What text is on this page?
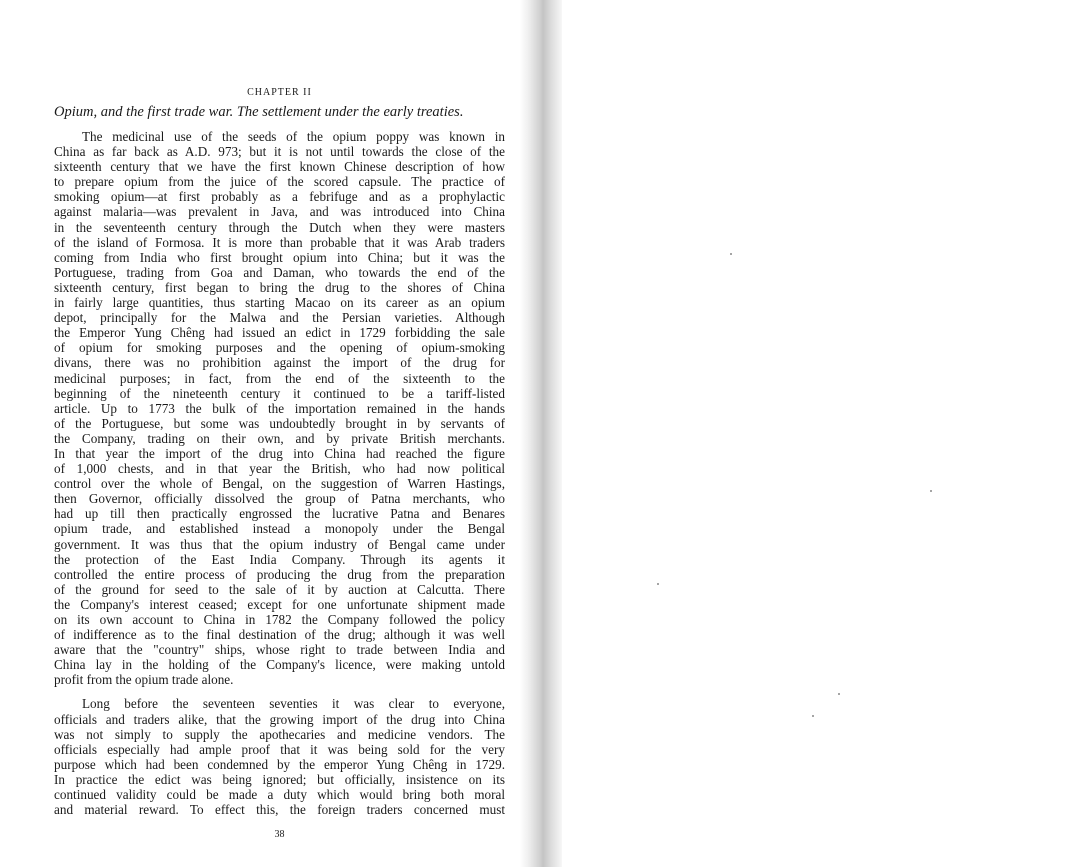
CHAPTER II
Opium, and the first trade war. The settlement under the early treaties.
The medicinal use of the seeds of the opium poppy was known in
China as far back as A.D. 973; but it is not until towards the close of the
sixteenth century that we have the first known Chinese description of how
to prepare opium from the juice of the scored capsule. The practice of
smoking opium—at first probably as a febrifuge and as a prophylactic
against malaria—was prevalent in Java, and was introduced into China
in the seventeenth century through the Dutch when they were masters
of the island of Formosa. It is more than probable that it was Arab traders
coming from India who first brought opium into China; but it was the
Portuguese, trading from Goa and Daman, who towards the end of the
sixteenth century, first began to bring the drug to the shores of China
in fairly large quantities, thus starting Macao on its career as an opium
depot, principally for the Malwa and the Persian varieties. Although
the Emperor Yung Chêng had issued an edict in 1729 forbidding the sale
of opium for smoking purposes and the opening of opium-smoking
divans, there was no prohibition against the import of the drug for
medicinal purposes; in fact, from the end of the sixteenth to the
beginning of the nineteenth century it continued to be a tariff-listed
article. Up to 1773 the bulk of the importation remained in the hands
of the Portuguese, but some was undoubtedly brought in by servants of
the Company, trading on their own, and by private British merchants.
In that year the import of the drug into China had reached the figure
of 1,000 chests, and in that year the British, who had now political
control over the whole of Bengal, on the suggestion of Warren Hastings,
then Governor, officially dissolved the group of Patna merchants, who
had up till then practically engrossed the lucrative Patna and Benares
opium trade, and established instead a monopoly under the Bengal
government. It was thus that the opium industry of Bengal came under
the protection of the East India Company. Through its agents it
controlled the entire process of producing the drug from the preparation
of the ground for seed to the sale of it by auction at Calcutta. There
the Company's interest ceased; except for one unfortunate shipment made
on its own account to China in 1782 the Company followed the policy
of indifference as to the final destination of the drug; although it was well
aware that the "country" ships, whose right to trade between India and
China lay in the holding of the Company's licence, were making untold
profit from the opium trade alone.
Long before the seventeen seventies it was clear to everyone,
officials and traders alike, that the growing import of the drug into China
was not simply to supply the apothecaries and medicine vendors. The
officials especially had ample proof that it was being sold for the very
purpose which had been condemned by the emperor Yung Chêng in 1729.
In practice the edict was being ignored; but officially, insistence on its
continued validity could be made a duty which would bring both moral
and material reward. To effect this, the foreign traders concerned must
38
